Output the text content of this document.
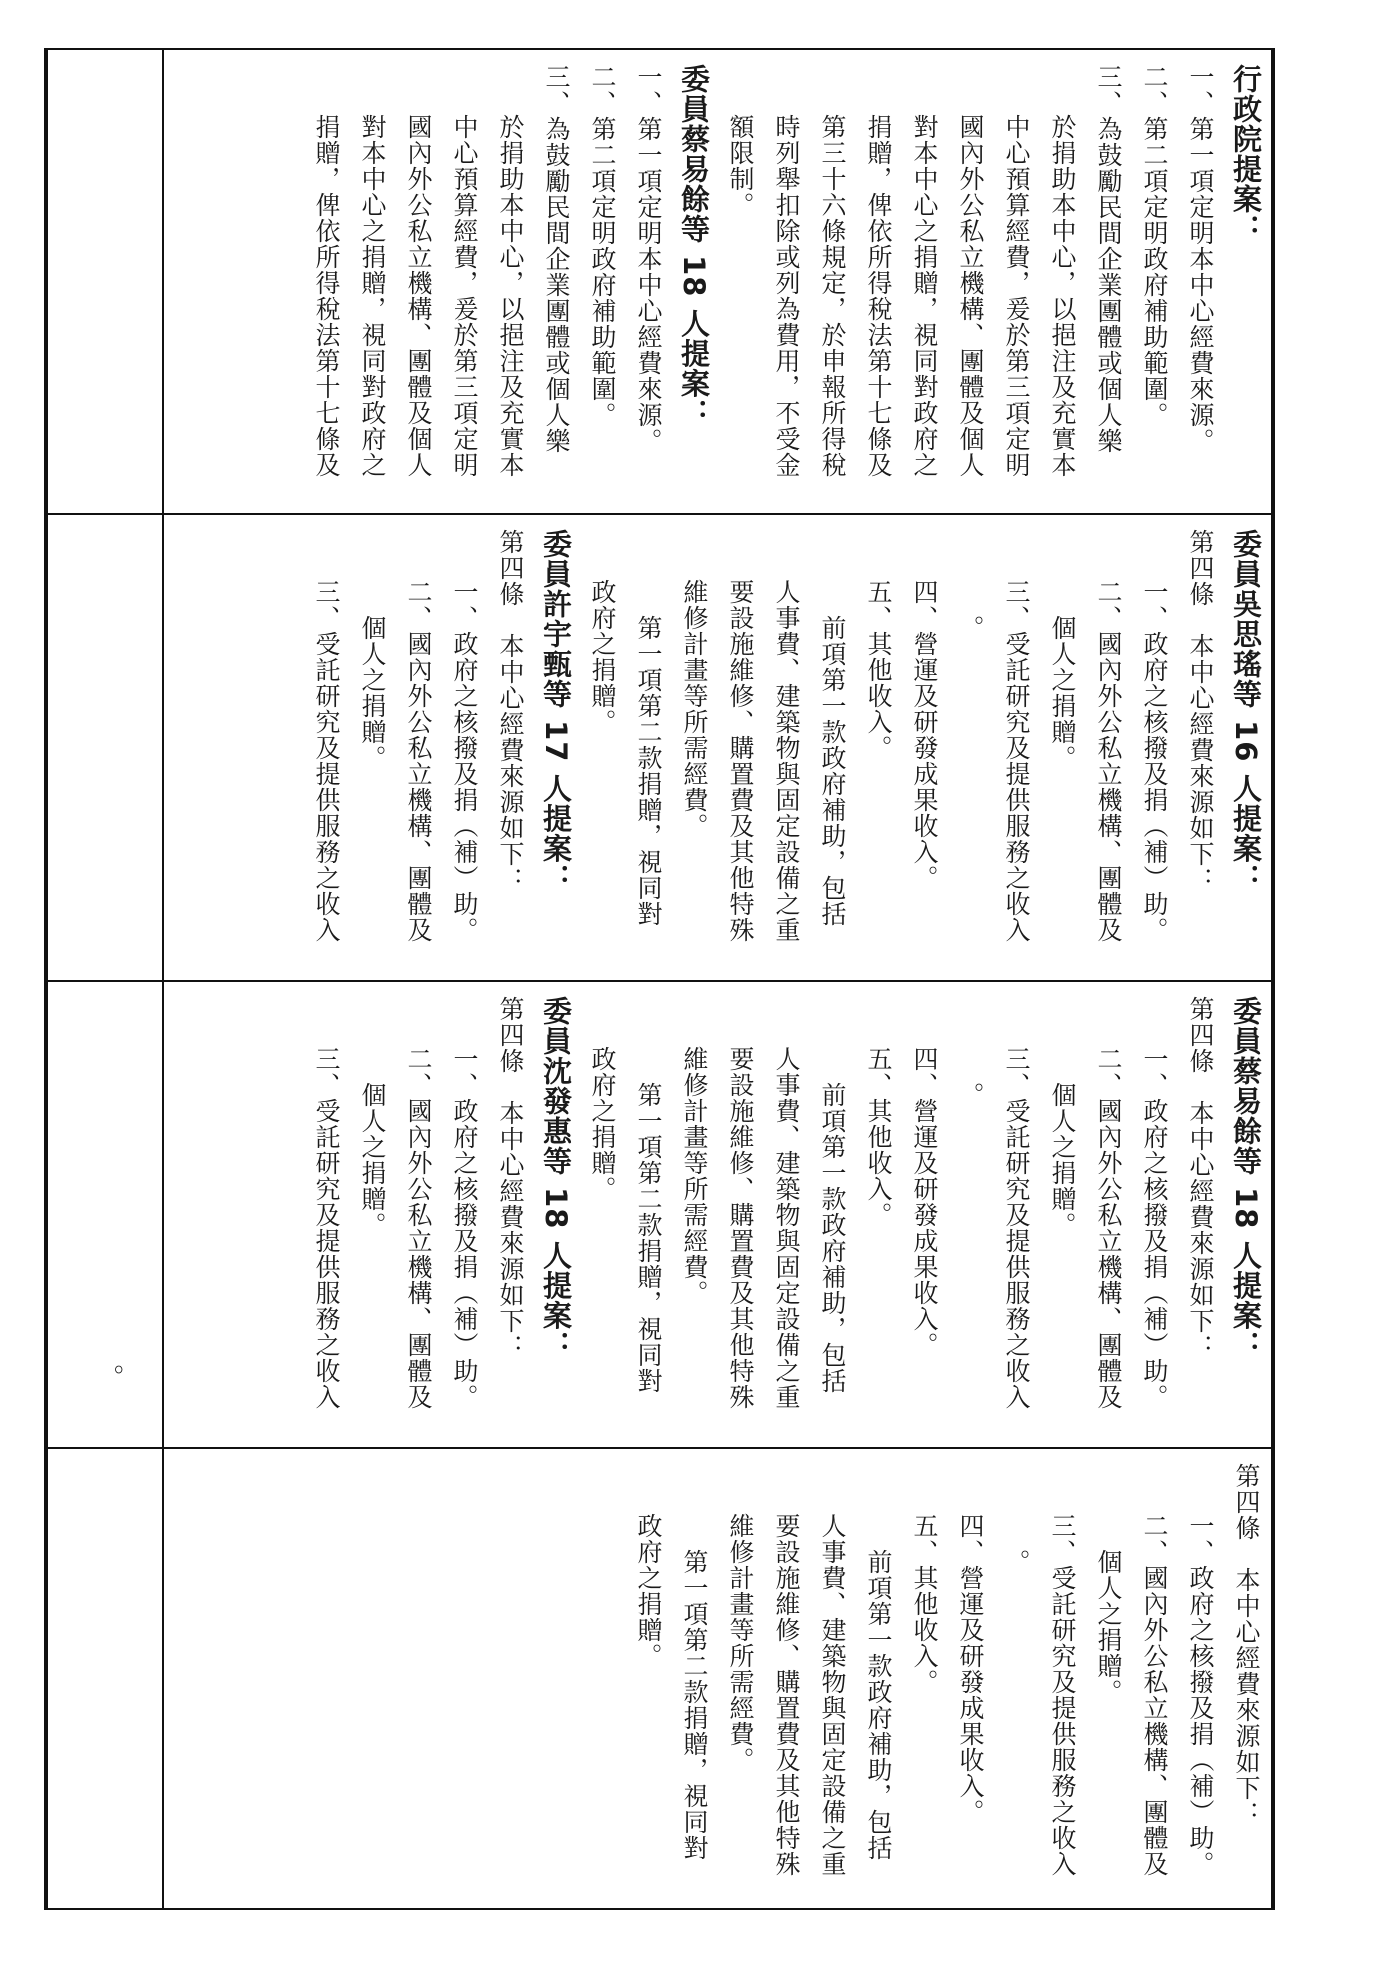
行政院提案：

一、第一項定明本中心經費來源。

二、第二項定明政府補助範圍。

三、為鼓勵民間企業團體或個人樂

於捐助本中心，以挹注及充實本

中心預算經費，爰於第三項定明

國內外公私立機構、團體及個人

對本中心之捐贈，視同對政府之

捐贈，俾依所得稅法第十七條及

第三十六條規定，於申報所得稅

時列舉扣除或列為費用，不受金

額限制。

委員蔡易餘等 18 人提案：

一、第一項定明本中心經費來源。

二、第二項定明政府補助範圍。

三、為鼓勵民間企業團體或個人樂

於捐助本中心，以挹注及充實本

中心預算經費，爰於第三項定明

國內外公私立機構、團體及個人

對本中心之捐贈，視同對政府之

捐贈，俾依所得稅法第十七條及

委員吳思瑤等 16 人提案：

第四條　本中心經費來源如下：

一、政府之核撥及捐（補）助。

二、國內外公私立機構、團體及

個人之捐贈。

三、受託研究及提供服務之收入

。

四、營運及研發成果收入。

五、其他收入。

前項第一款政府補助，包括

人事費、建築物與固定設備之重

要設施維修、購置費及其他特殊

維修計畫等所需經費。

第一項第二款捐贈，視同對

政府之捐贈。

委員許宇甄等 17 人提案：

第四條　本中心經費來源如下：

一、政府之核撥及捐（補）助。

二、國內外公私立機構、團體及

個人之捐贈。

三、受託研究及提供服務之收入

委員蔡易餘等 18 人提案：

第四條　本中心經費來源如下：

一、政府之核撥及捐（補）助。

二、國內外公私立機構、團體及

個人之捐贈。

三、受託研究及提供服務之收入

。

四、營運及研發成果收入。

五、其他收入。

前項第一款政府補助，包括

人事費、建築物與固定設備之重

要設施維修、購置費及其他特殊

維修計畫等所需經費。

第一項第二款捐贈，視同對

政府之捐贈。

委員沈發惠等 18 人提案：

第四條　本中心經費來源如下：

一、政府之核撥及捐（補）助。

二、國內外公私立機構、團體及

個人之捐贈。

三、受託研究及提供服務之收入

。

第四條　本中心經費來源如下：

一、政府之核撥及捐（補）助。

二、國內外公私立機構、團體及

個人之捐贈。

三、受託研究及提供服務之收入

。

四、營運及研發成果收入。

五、其他收入。

前項第一款政府補助，包括

人事費、建築物與固定設備之重

要設施維修、購置費及其他特殊

維修計畫等所需經費。

第一項第二款捐贈，視同對

政府之捐贈。
